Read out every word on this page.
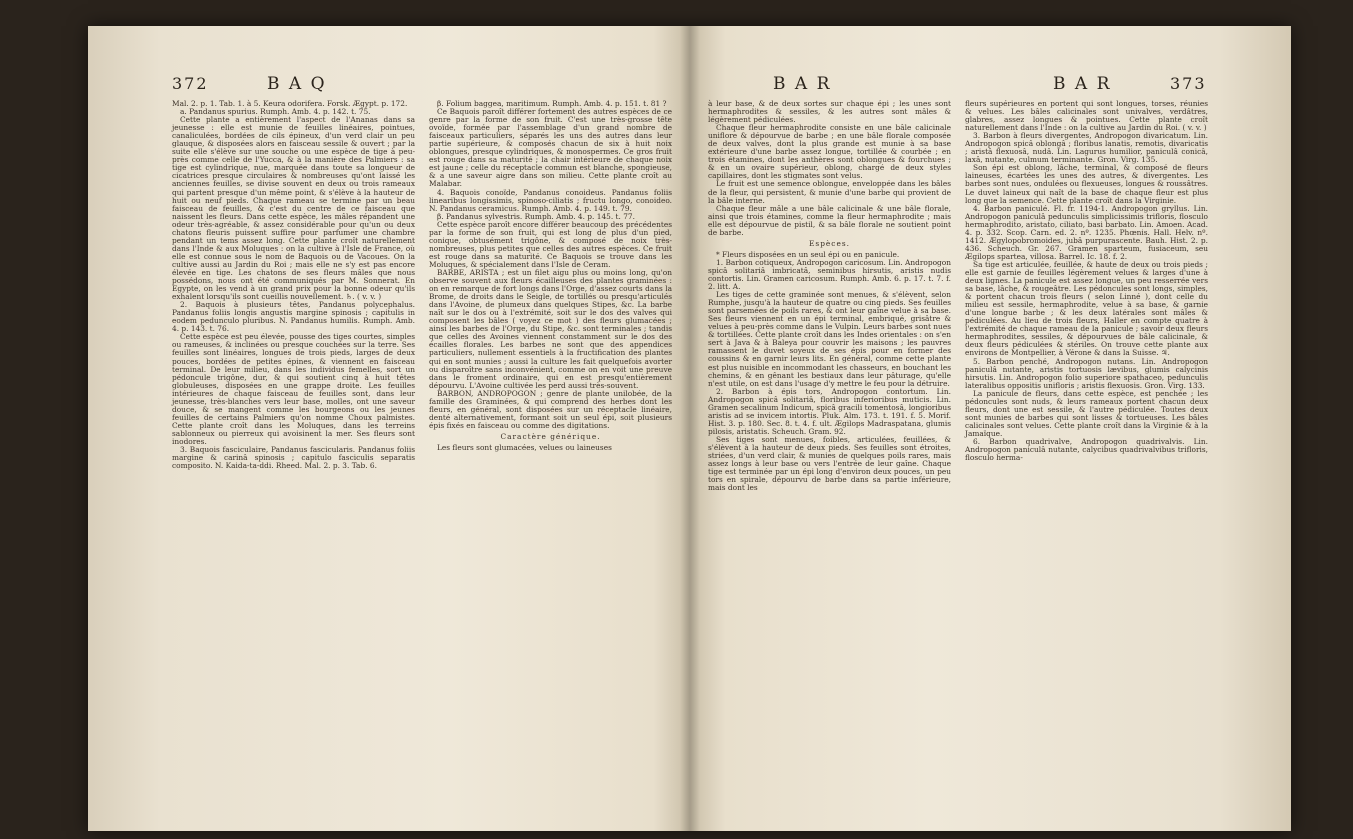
372	B A Q

Mal. 2. p. 1. Tab. 1. à 5. Keura odorifera. Forsk. Ægypt. p. 172.

a. Pandanus spurius. Rumph. Amb. 4. p. 142. t. 75.

Cette plante a entièrement l'aspect de l'Ananas dans sa jeunesse : elle est munie de feuilles linéaires, pointues, canaliculées, bordées de cils épineux, d'un verd clair un peu glauque, & disposées alors en faisceau sessile & ouvert ; par la suite elle s'élève sur une souche ou une espèce de tige à peu-près comme celle de l'Yucca, & à la manière des Palmiers : sa tige est cylindrique, nue, marquée dans toute sa longueur de cicatrices presque circulaires & nombreuses qu'ont laissé les anciennes feuilles, se divise souvent en deux ou trois rameaux qui partent presque d'un même point, & s'élève à la hauteur de huit ou neuf pieds. Chaque rameau se termine par un beau faisceau de feuilles, & c'est du centre de ce faisceau que naissent les fleurs. Dans cette espèce, les mâles répandent une odeur très-agréable, & assez considérable pour qu'un ou deux chatons fleuris puissent suffire pour parfumer une chambre pendant un tems assez long. Cette plante croît naturellement dans l'Inde & aux Moluques : on la cultive à l'Isle de France, où elle est connue sous le nom de Baquois ou de Vacoues. On la cultive aussi au Jardin du Roi ; mais elle ne s'y est pas encore élevée en tige. Les chatons de ses fleurs mâles que nous possédons, nous ont été communiqués par M. Sonnerat. En Egypte, on les vend à un grand prix pour la bonne odeur qu'ils exhalent lorsqu'ils sont cueillis nouvellement. ♄. ( v. v. )

2. Baquois à plusieurs têtes, Pandanus polycephalus. Pandanus foliis longis angustis margine spinosis ; capitulis in eodem pedunculo pluribus. N. Pandanus humilis. Rumph. Amb. 4. p. 143. t. 76.

Cette espèce est peu élevée, pousse des tiges courtes, simples ou rameuses, & inclinées ou presque couchées sur la terre. Ses feuilles sont linéaires, longues de trois pieds, larges de deux pouces, bordées de petites épines, & viennent en faisceau terminal. De leur milieu, dans les individus femelles, sort un pédoncule trigône, dur, & qui soutient cinq à huit têtes globuleuses, disposées en une grappe droite. Les feuilles intérieures de chaque faisceau de feuilles sont, dans leur jeunesse, très-blanches vers leur base, molles, ont une saveur douce, & se mangent comme les bourgeons ou les jeunes feuilles de certains Palmiers qu'on nomme Choux palmistes. Cette plante croît dans les Moluques, dans les terreins sablonneux ou pierreux qui avoisinent la mer. Ses fleurs sont inodores.

3. Baquois fasciculaire, Pandanus fascicularis. Pandanus foliis margine & carinâ spinosis ; capitulo fasciculis separatis composito. N. Kaida-ta-ddi. Rheed. Mal. 2. p. 3. Tab. 6.

β. Folium baggea, maritimum. Rumph. Amb. 4. p. 151. t. 81 ?

Ce Baquois paroît différer fortement des autres espèces de ce genre par la forme de son fruit. C'est une très-grosse tête ovoïde, formée par l'assemblage d'un grand nombre de faisceaux particuliers, séparés les uns des autres dans leur partie supérieure, & composés chacun de six à huit noix oblongues, presque cylindriques, & monospermes. Ce gros fruit est rouge dans sa maturité ; la chair intérieure de chaque noix est jaune ; celle du réceptacle commun est blanche, spongieuse, & a une saveur aigre dans son milieu. Cette plante croît au Malabar.

4. Baquois conoïde, Pandanus conoideus. Pandanus foliis linearibus longissimis, spinoso-ciliatis ; fructu longo, conoideo. N. Pandanus ceramicus. Rumph. Amb. 4. p. 149. t. 79.

β. Pandanus sylvestris. Rumph. Amb. 4. p. 145. t. 77.

Cette espèce paroît encore différer beaucoup des précédentes par la forme de son fruit, qui est long de plus d'un pied, conique, obtusément trigône, & composé de noix très-nombreuses, plus petites que celles des autres espèces. Ce fruit est rouge dans sa maturité. Ce Baquois se trouve dans les Moluques, & spécialement dans l'Isle de Ceram.

BARBE, ARISTA ; est un filet aigu plus ou moins long, qu'on observe souvent aux fleurs écailleuses des plantes graminées : on en remarque de fort longs dans l'Orge, d'assez courts dans la Brome, de droits dans le Seigle, de tortillés ou presqu'articulés dans l'Avoine, de plumeux dans quelques Stipes, &c. La barbe naît sur le dos ou à l'extrémité, soit sur le dos des valves qui composent les bâles ( voyez ce mot ) des fleurs glumacées ; ainsi les barbes de l'Orge, du Stipe, &c. sont terminales ; tandis que celles des Avoines viennent constamment sur le dos des écailles florales. Les barbes ne sont que des appendices particuliers, nullement essentiels à la fructification des plantes qui en sont munies ; aussi la culture les fait quelquefois avorter ou disparoître sans inconvénient, comme on en voit une preuve dans le froment ordinaire, qui en est presqu'entièrement dépourvu. L'Avoine cultivée les perd aussi très-souvent.

BARBON, ANDROPOGON ; genre de plante unilobée, de la famille des Graminées, & qui comprend des herbes dont les fleurs, en général, sont disposées sur un réceptacle linéaire, denté alternativement, formant soit un seul épi, soit plusieurs épis fixés en faisceau ou comme des digitations.

Caractère générique.

Les fleurs sont glumacées, velues ou laineuses

B A R	B A R	373

à leur base, & de deux sortes sur chaque épi ; les unes sont hermaphrodites & sessiles, & les autres sont mâles & légèrement pédiculées.

Chaque fleur hermaphrodite consiste en une bâle calicinale uniflore & dépourvue de barbe ; en une bâle florale composée de deux valves, dont la plus grande est munie à sa base extérieure d'une barbe assez longue, tortillée & courbée ; en trois étamines, dont les anthères sont oblongues & fourchues ; & en un ovaire supérieur, oblong, chargé de deux styles capillaires, dont les stigmates sont velus.

Le fruit est une semence oblongue, enveloppée dans les bâles de la fleur, qui persistent, & munie d'une barbe qui provient de la bâle interne.

Chaque fleur mâle a une bâle calicinale & une bâle florale, ainsi que trois étamines, comme la fleur hermaphrodite ; mais elle est dépourvue de pistil, & sa bâle florale ne soutient point de barbe.

Espèces.

* Fleurs disposées en un seul épi ou en panicule.

1. Barbon cotiqueux, Andropogon caricosum. Lin. Andropogon spicâ solitariâ imbricatâ, seminibus hirsutis, aristis nudis contortis. Lin. Gramen caricosum. Rumph. Amb. 6. p. 17. t. 7. f. 2. litt. A.

Les tiges de cette graminée sont menues, & s'élèvent, selon Rumphe, jusqu'à la hauteur de quatre ou cinq pieds. Ses feuilles sont parsemées de poils rares, & ont leur gaîne velue à sa base. Ses fleurs viennent en un épi terminal, embriqué, grisâtre & velues à peu-près comme dans le Vulpin. Leurs barbes sont nues & tortillées. Cette plante croît dans les Indes orientales : on s'en sert à Java & à Baleya pour couvrir les maisons ; les pauvres ramassent le duvet soyeux de ses épis pour en former des coussins & en garnir leurs lits. En général, comme cette plante est plus nuisible en incommodant les chasseurs, en bouchant les chemins, & en gênant les bestiaux dans leur pâturage, qu'elle n'est utile, on est dans l'usage d'y mettre le feu pour la détruire.

2. Barbon à épis tors, Andropogon contortum. Lin. Andropogon spicâ solitariâ, floribus inferioribus muticis. Lin. Gramen secalinum Indicum, spicâ gracili tomentosâ, longioribus aristis ad se invicem intortis. Pluk. Alm. 173. t. 191. f. 5. Morif. Hist. 3. p. 180. Sec. 8. t. 4. f. ult. Ægilops Madraspatana, glumis pilosis, aristatis. Scheuch. Gram. 92.

Ses tiges sont menues, foibles, articulées, feuillées, & s'élèvent à la hauteur de deux pieds. Ses feuilles sont étroites, striées, d'un verd clair, & munies de quelques poils rares, mais assez longs à leur base ou vers l'entrée de leur gaîne. Chaque tige est terminée par un épi long d'environ deux pouces, un peu tors en spirale, dépourvu de barbe dans sa partie inférieure, mais dont les

fleurs supérieures en portent qui sont longues, torses, réunies & velues. Les bâles calicinales sont univalves, verdâtres, glabres, assez longues & pointues. Cette plante croît naturellement dans l'Inde : on la cultive au Jardin du Roi. ( v. v. )

3. Barbon à fleurs divergentes, Andropogon divaricatum. Lin. Andropogon spicâ oblongâ ; floribus lanatis, remotis, divaricatis ; aristâ flexuosâ, nudâ. Lin. Lagurus humilior, paniculâ conicâ, laxâ, nutante, culmum terminante. Gron. Virg. 135.

Son épi est oblong, lâche, terminal, & composé de fleurs laineuses, écartées les unes des autres, & divergentes. Les barbes sont nues, ondulées ou flexueuses, longues & roussâtres. Le duvet laineux qui naît de la base de chaque fleur est plus long que la semence. Cette plante croît dans la Virginie.

4. Barbon paniculé. Fl. fr. 1194-1. Andropogon gryllus. Lin. Andropogon paniculâ pedunculis simplicissimis trifloris, flosculo hermaphrodito, aristato, ciliato, basi barbato. Lin. Amoen. Acad. 4. p. 332. Scop. Carn. ed. 2. nº. 1235. Phœnis. Hall. Helv. nº. 1412. Ægylopobromoides, jubâ purpurascente. Bauh. Hist. 2. p. 436. Scheuch. Gr. 267. Gramen sparteum, fusiaceum, seu Ægilops spartea, villosa. Barrel. Ic. 18. f. 2.

Sa tige est articulée, feuillée, & haute de deux ou trois pieds ; elle est garnie de feuilles légèrement velues & larges d'une à deux lignes. La panicule est assez longue, un peu resserrée vers sa base, lâche, & rougeâtre. Les pédoncules sont longs, simples, & portent chacun trois fleurs ( selon Linné ), dont celle du milieu est sessile, hermaphrodite, velue à sa base, & garnie d'une longue barbe ; & les deux latérales sont mâles & pédiculées. Au lieu de trois fleurs, Haller en compte quatre à l'extrémité de chaque rameau de la panicule ; savoir deux fleurs hermaphrodites, sessiles, & dépourvues de bâle calicinale, & deux fleurs pédiculées & stériles. On trouve cette plante aux environs de Montpellier, à Vérone & dans la Suisse. ♃.

5. Barbon penché, Andropogon nutans. Lin. Andropogon paniculâ nutante, aristis tortuosis lævibus, glumis calycinis hirsutis. Lin. Andropogon folio superiore spathaceo, pedunculis lateralibus oppositis unifloris ; aristis flexuosis. Gron. Virg. 133.

La panicule de fleurs, dans cette espèce, est penchée ; les pédoncules sont nuds, & leurs rameaux portent chacun deux fleurs, dont une est sessile, & l'autre pédiculée. Toutes deux sont munies de barbes qui sont lisses & tortueuses. Les bâles calicinales sont velues. Cette plante croît dans la Virginie & à la Jamaïque.

6. Barbon quadrivalve, Andropogon quadrivalvis. Lin. Andropogon paniculâ nutante, calycibus quadrivalvibus trifloris, flosculo herma-
